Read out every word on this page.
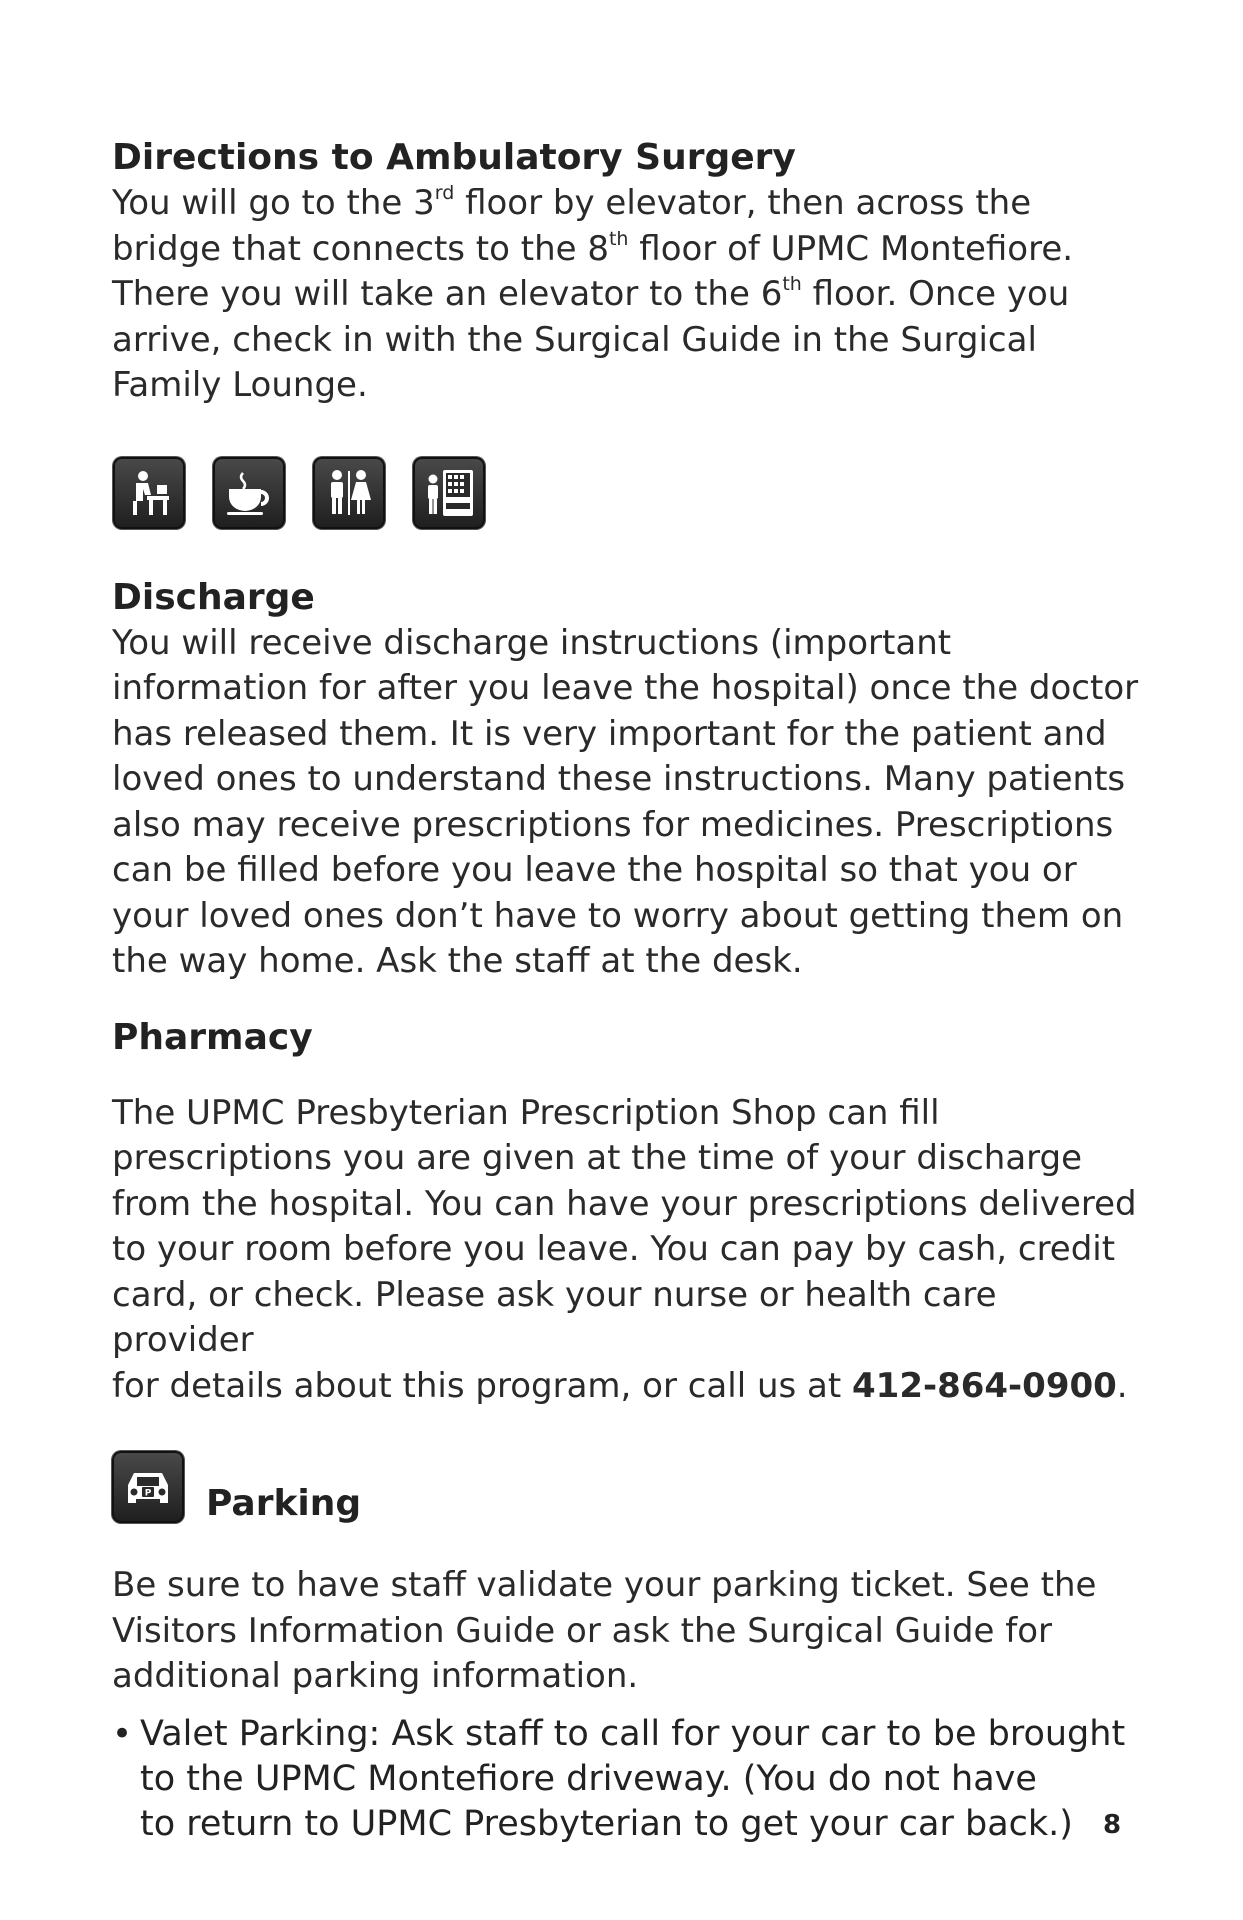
Directions to Ambulatory Surgery

You will go to the 3rd floor by elevator, then across the
bridge that connects to the 8th floor of UPMC Montefiore.
There you will take an elevator to the 6th floor. Once you
arrive, check in with the Surgical Guide in the Surgical
Family Lounge.

Discharge

You will receive discharge instructions (important
information for after you leave the hospital) once the doctor
has released them. It is very important for the patient and
loved ones to understand these instructions. Many patients
also may receive prescriptions for medicines. Prescriptions
can be filled before you leave the hospital so that you or
your loved ones don’t have to worry about getting them on
the way home. Ask the staff at the desk.

Pharmacy

The UPMC Presbyterian Prescription Shop can fill
prescriptions you are given at the time of your discharge
from the hospital. You can have your prescriptions delivered
to your room before you leave. You can pay by cash, credit
card, or check. Please ask your nurse or health care provider
for details about this program, or call us at 412-864-0900.

P Parking

Be sure to have staff validate your parking ticket. See the
Visitors Information Guide or ask the Surgical Guide for
additional parking information.

• Valet Parking: Ask staff to call for your car to be brought
to the UPMC Montefiore driveway. (You do not have
to return to UPMC Presbyterian to get your car back.)	8
